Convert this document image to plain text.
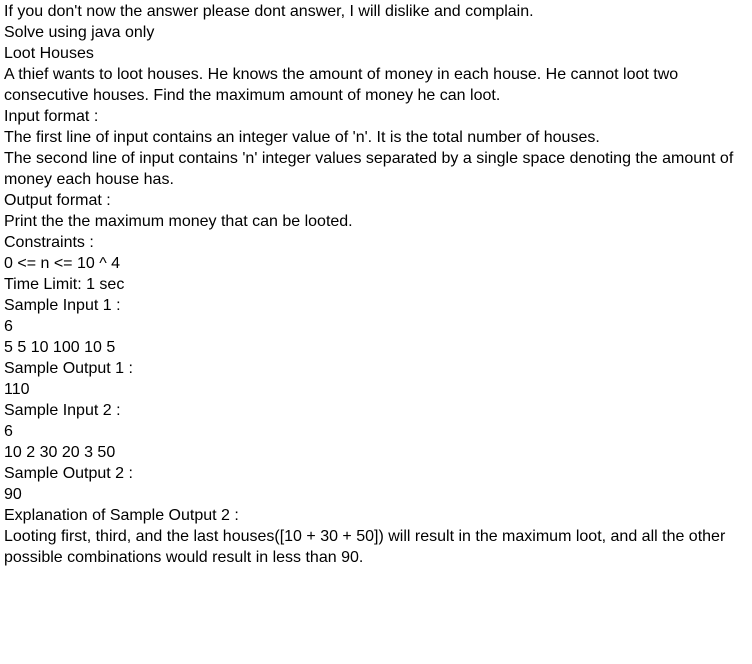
If you don't now the answer please dont answer, I will dislike and complain.
Solve using java only
Loot Houses
A thief wants to loot houses. He knows the amount of money in each house. He cannot loot two consecutive houses. Find the maximum amount of money he can loot.
Input format :
The first line of input contains an integer value of 'n'. It is the total number of houses.
The second line of input contains 'n' integer values separated by a single space denoting the amount of money each house has.
Output format :
Print the the maximum money that can be looted.
Constraints :
0 <= n <= 10 ^ 4
Time Limit: 1 sec
Sample Input 1 :
6
5 5 10 100 10 5
Sample Output 1 :
110
Sample Input 2 :
6
10 2 30 20 3 50
Sample Output 2 :
90
Explanation of Sample Output 2 :
Looting first, third, and the last houses([10 + 30 + 50]) will result in the maximum loot, and all the other possible combinations would result in less than 90.
